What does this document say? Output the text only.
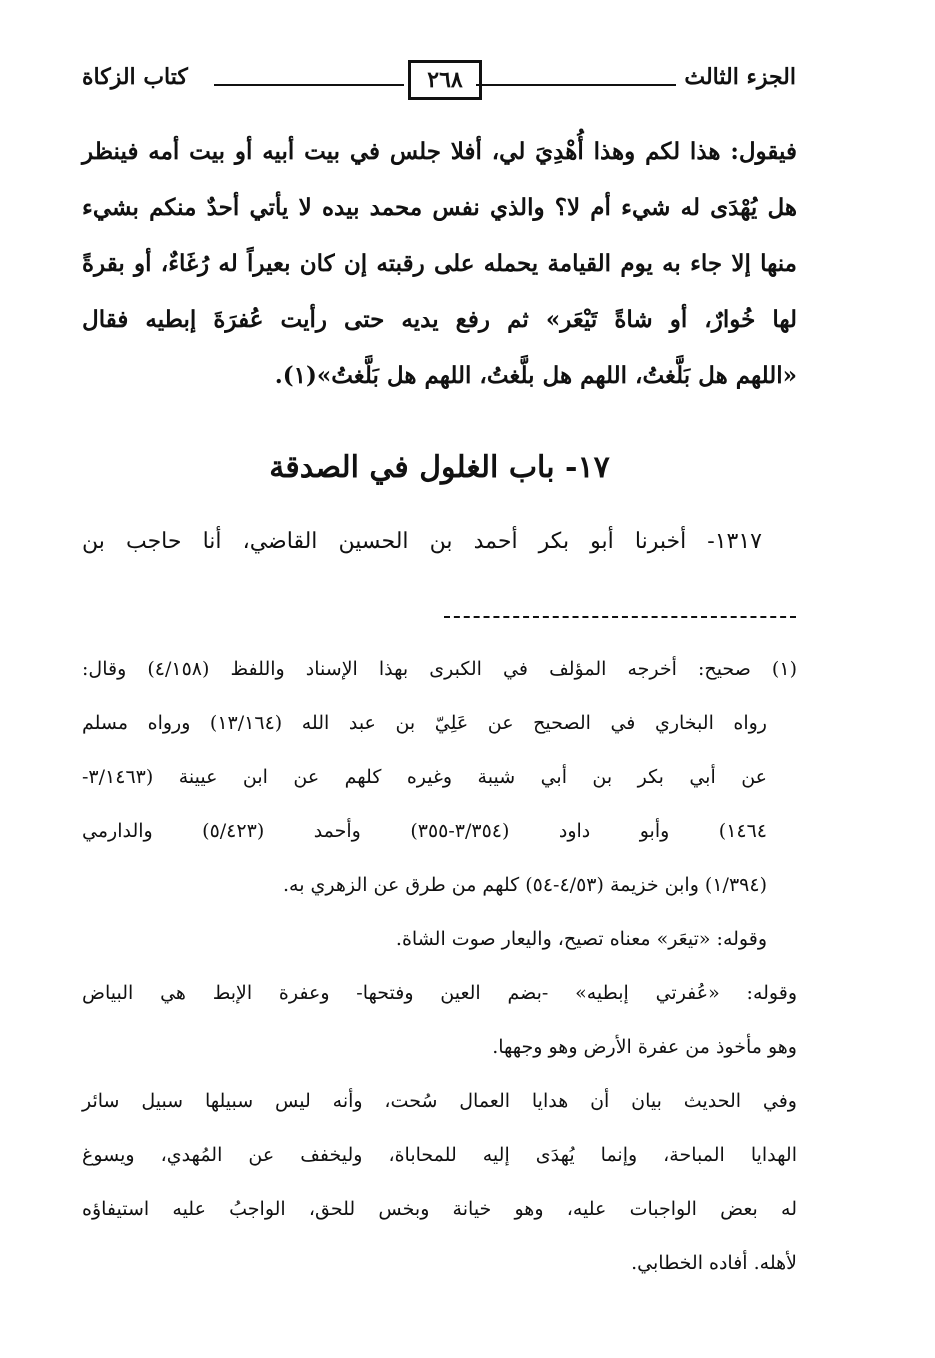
الجزء الثالث
٢٦٨
كتاب الزكاة

فيقول: هذا لكم وهذا أُهْدِيَ لي، أفلا جلس في بيت أبيه أو بيت أمه فينظر

هل يُهْدَى له شيء أم لا؟ والذي نفس محمد بيده لا يأتي أحدٌ منكم بشيء

منها إلا جاء به يوم القيامة يحمله على رقبته إن كان بعيراً له رُغَاءٌ، أو بقرةً

لها خُوارٌ، أو شاةً تَيْعَر» ثم رفع يديه حتى رأيت عُفرَةَ إبطيه فقال

«اللهم هل بَلَّغتُ، اللهم هل بلَّغتُ، اللهم هل بَلَّغتُ»(١).

١٧- باب الغلول في الصدقة
١٣١٧- أخبرنا أبو بكر أحمد بن الحسين القاضي، أنا حاجب بن

(١) صحيح: أخرجه المؤلف في الكبرى بهذا الإسناد واللفظ (٤/١٥٨) وقال:

رواه البخاري في الصحيح عن عَلِيّ بن عبد الله (١٣/١٦٤) ورواه مسلم

عن أبي بكر بن أبي شيبة وغيره كلهم عن ابن عيينة (٣/١٤٦٣-

١٤٦٤) وأبو داود (٣/٣٥٤-٣٥٥) وأحمد (٥/٤٢٣) والدارمي

(١/٣٩٤) وابن خزيمة (٤/٥٣-٥٤) كلهم من طرق عن الزهري به.

وقوله: «تيعَر» معناه تصيح، واليعار صوت الشاة.

وقوله: «عُفرتي إبطيه» -بضم العين وفتحها- وعفرة الإبط هي البياض

وهو مأخوذ من عفرة الأرض وهو وجهها.

وفي الحديث بيان أن هدايا العمال سُحت، وأنه ليس سبيلها سبيل سائر

الهدايا المباحة، وإنما يُهدَى إليه للمحاباة، وليخفف عن المُهدي، ويسوغ

له بعض الواجبات عليه، وهو خيانة وبخس للحق، الواجبُ عليه استيفاؤه

لأهله. أفاده الخطابي.
